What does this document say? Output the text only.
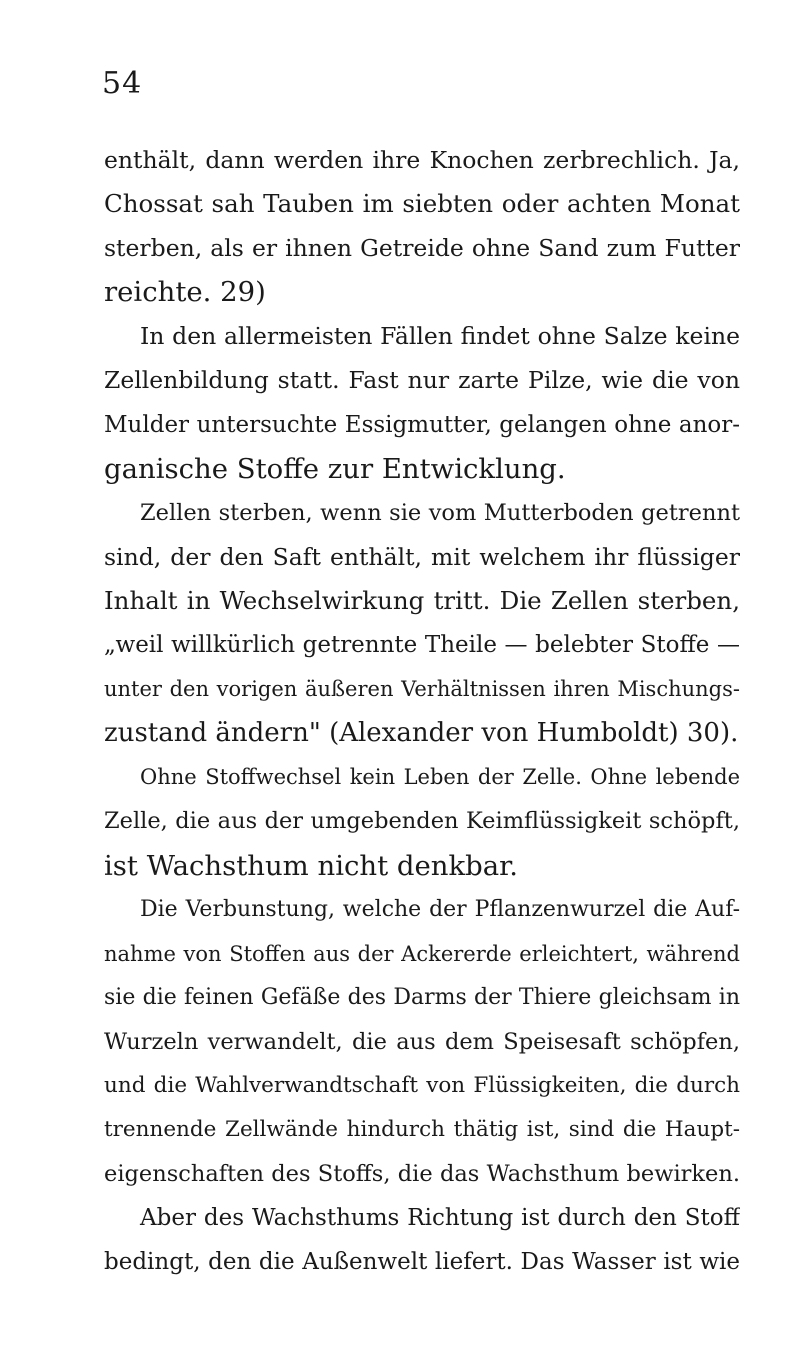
54
enthält, dann werden ihre Knochen zerbrechlich. Ja,
Chossat sah Tauben im siebten oder achten Monat
sterben, als er ihnen Getreide ohne Sand zum Futter
reichte. 29)
In den allermeisten Fällen findet ohne Salze keine
Zellenbildung statt. Fast nur zarte Pilze, wie die von
Mulder untersuchte Essigmutter, gelangen ohne anor-
ganische Stoffe zur Entwicklung.
Zellen sterben, wenn sie vom Mutterboden getrennt
sind, der den Saft enthält, mit welchem ihr flüssiger
Inhalt in Wechselwirkung tritt. Die Zellen sterben,
„weil willkürlich getrennte Theile — belebter Stoffe —
unter den vorigen äußeren Verhältnissen ihren Mischungs-
zustand ändern" (Alexander von Humboldt) 30).
Ohne Stoffwechsel kein Leben der Zelle. Ohne lebende
Zelle, die aus der umgebenden Keimflüssigkeit schöpft,
ist Wachsthum nicht denkbar.
Die Verbunstung, welche der Pflanzenwurzel die Auf-
nahme von Stoffen aus der Ackererde erleichtert, während
sie die feinen Gefäße des Darms der Thiere gleichsam in
Wurzeln verwandelt, die aus dem Speisesaft schöpfen,
und die Wahlverwandtschaft von Flüssigkeiten, die durch
trennende Zellwände hindurch thätig ist, sind die Haupt-
eigenschaften des Stoffs, die das Wachsthum bewirken.
Aber des Wachsthums Richtung ist durch den Stoff
bedingt, den die Außenwelt liefert. Das Wasser ist wie
